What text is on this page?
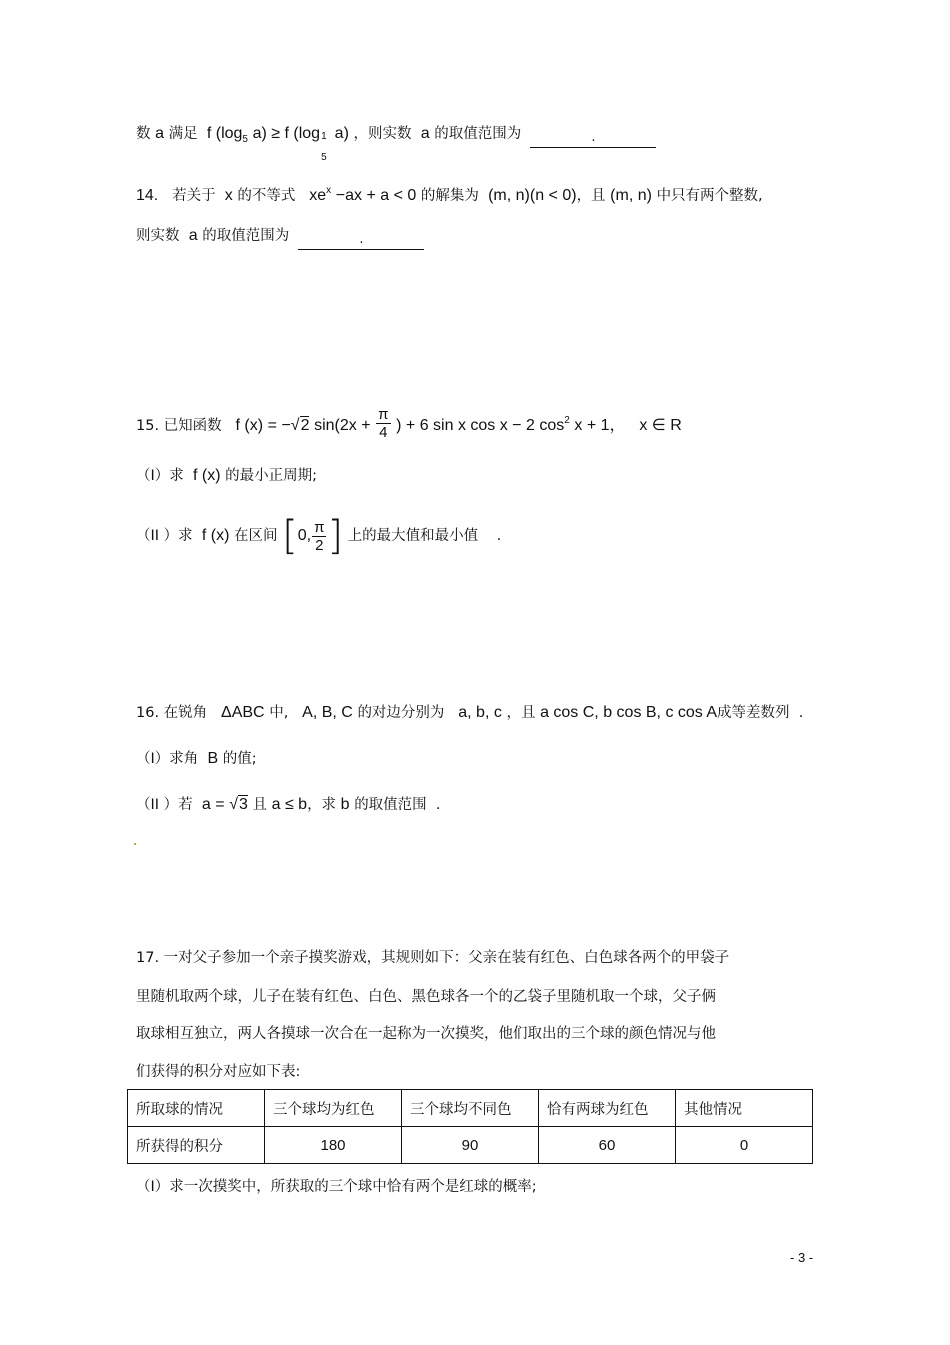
数 a 满足 f ($\log_5$ a) ≥ f (log 1
5
a) ，则实数 a 的取值范围为	.
14. 若关于 x 的不等式 $xe^x -ax + a < 0$ 的解集为 (m, n)(n < 0)，且 (m, n) 中只有两个整数,
则实数 a 的取值范围为	.
15. 已知函数 f (x) = −√2 $\sin(2x + \frac{\pi}{4}$ ) + 6 sin x cos x − 2 $\cos^2 x + 1$， x ∈ R
（I）求 f (x) 的最小正周期;
（II ）求 f (x) 在区间 [0, $\frac{\pi}{2}$ ] 上的最大值和最小值 .
16. 在锐角 ΔABC 中, A, B, C 的对边分别为 a, b, c ，且 a cos C, b cos B, c cos A成等差数列 .
（I）求角 B 的值;
（II ）若 a = √3 且 a ≤ b，求 b 的取值范围 .
17. 一对父子参加一个亲子摸奖游戏，其规则如下：父亲在装有红色、白色球各两个的甲袋子
里随机取两个球，儿子在装有红色、白色、黑色球各一个的乙袋子里随机取一个球，父子俩
取球相互独立，两人各摸球一次合在一起称为一次摸奖，他们取出的三个球的颜色情况与他
们获得的积分对应如下表:
所取球的情况	三个球均为红色	三个球均不同色	恰有两球为红色	其他情况
所获得的积分	180	90	60	0
（I）求一次摸奖中，所获取的三个球中恰有两个是红球的概率;
- 3 -
